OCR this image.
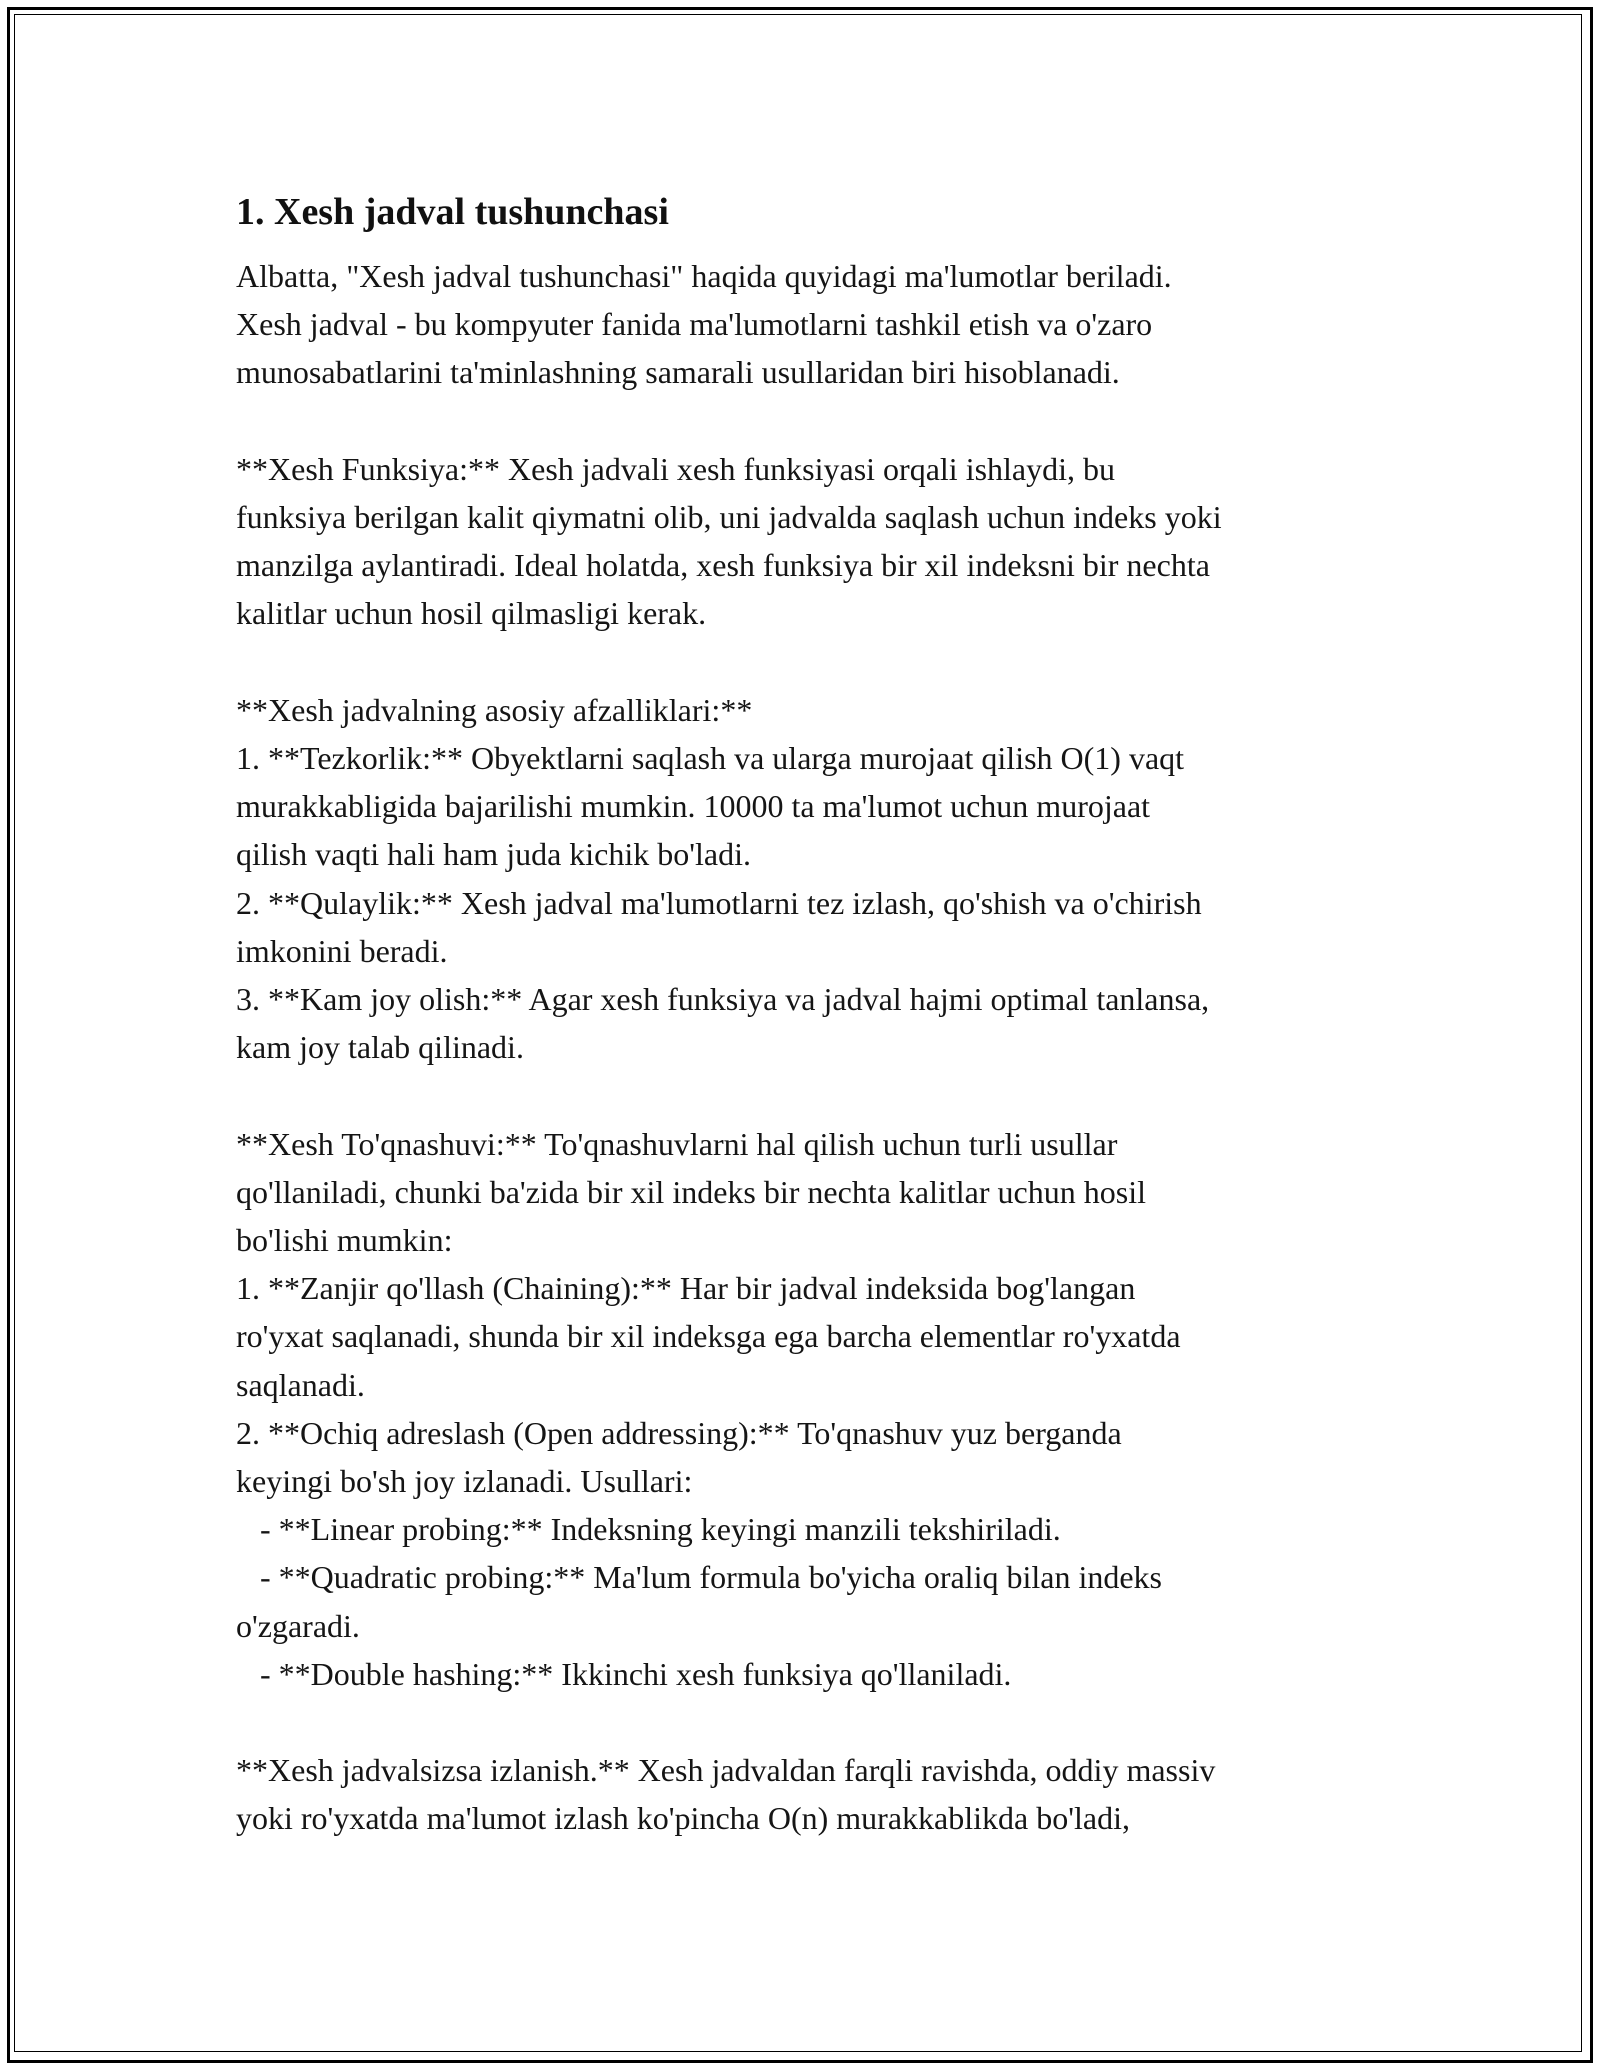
1. Xesh jadval tushunchasi
Albatta, "Xesh jadval tushunchasi" haqida quyidagi ma'lumotlar beriladi.
Xesh jadval - bu kompyuter fanida ma'lumotlarni tashkil etish va o'zaro
munosabatlarini ta'minlashning samarali usullaridan biri hisoblanadi.
**Xesh Funksiya:** Xesh jadvali xesh funksiyasi orqali ishlaydi, bu
funksiya berilgan kalit qiymatni olib, uni jadvalda saqlash uchun indeks yoki
manzilga aylantiradi. Ideal holatda, xesh funksiya bir xil indeksni bir nechta
kalitlar uchun hosil qilmasligi kerak.
**Xesh jadvalning asosiy afzalliklari:**
1. **Tezkorlik:** Obyektlarni saqlash va ularga murojaat qilish O(1) vaqt
murakkabligida bajarilishi mumkin. 10000 ta ma'lumot uchun murojaat
qilish vaqti hali ham juda kichik bo'ladi.
2. **Qulaylik:** Xesh jadval ma'lumotlarni tez izlash, qo'shish va o'chirish
imkonini beradi.
3. **Kam joy olish:** Agar xesh funksiya va jadval hajmi optimal tanlansa,
kam joy talab qilinadi.
**Xesh To'qnashuvi:** To'qnashuvlarni hal qilish uchun turli usullar
qo'llaniladi, chunki ba'zida bir xil indeks bir nechta kalitlar uchun hosil
bo'lishi mumkin:
1. **Zanjir qo'llash (Chaining):** Har bir jadval indeksida bog'langan
ro'yxat saqlanadi, shunda bir xil indeksga ega barcha elementlar ro'yxatda
saqlanadi.
2. **Ochiq adreslash (Open addressing):** To'qnashuv yuz berganda
keyingi bo'sh joy izlanadi. Usullari:
- **Linear probing:** Indeksning keyingi manzili tekshiriladi.
- **Quadratic probing:** Ma'lum formula bo'yicha oraliq bilan indeks
o'zgaradi.
- **Double hashing:** Ikkinchi xesh funksiya qo'llaniladi.
**Xesh jadvalsizsa izlanish.** Xesh jadvaldan farqli ravishda, oddiy massiv
yoki ro'yxatda ma'lumot izlash ko'pincha O(n) murakkablikda bo'ladi,
